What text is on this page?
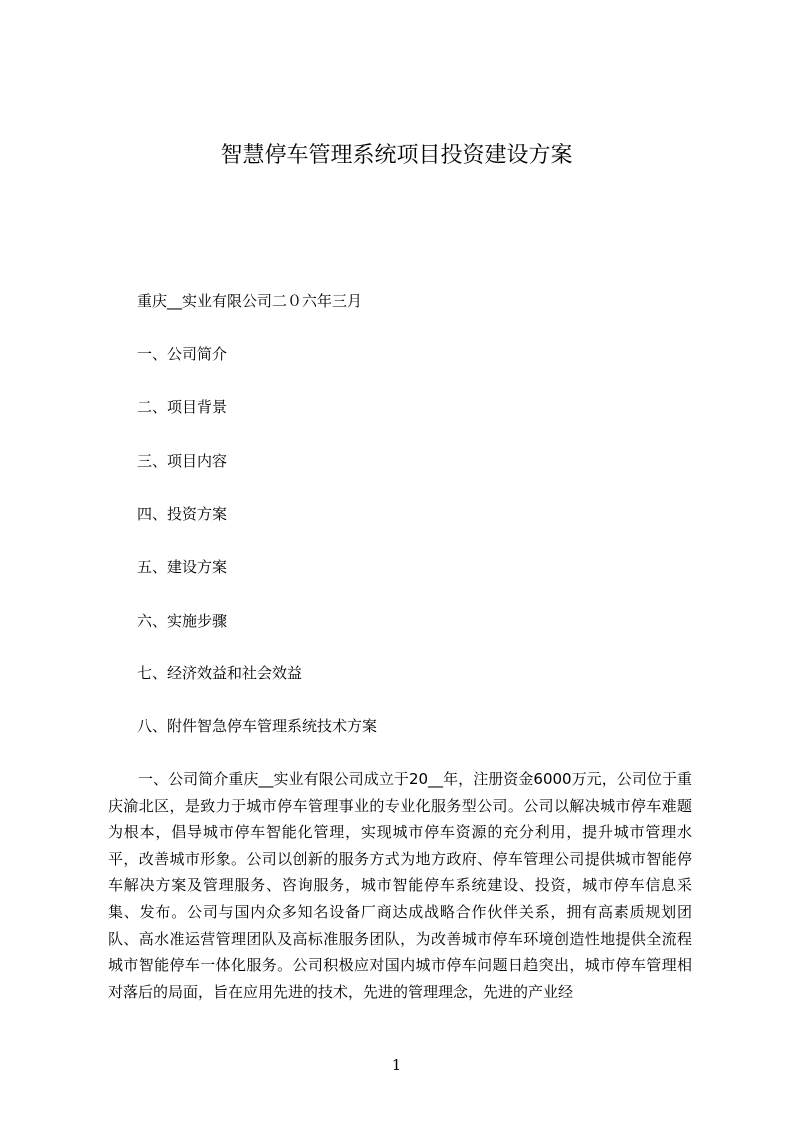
智慧停车管理系统项目投资建设方案
重庆__实业有限公司二０六年三月
一、公司简介
二、项目背景
三、项目内容
四、投资方案
五、建设方案
六、实施步骤
七、经济效益和社会效益
八、附件智急停车管理系统技术方案

一、公司简介重庆__实业有限公司成立于20__年，注册资金6000万元，公司位于重庆渝北区，是致力于城市停车管理事业的专业化服务型公司。公司以解决城市停车难题为根本，倡导城市停车智能化管理，实现城市停车资源的充分利用，提升城市管理水平，改善城市形象。公司以创新的服务方式为地方政府、停车管理公司提供城市智能停车解决方案及管理服务、咨询服务，城市智能停车系统建设、投资，城市停车信息采集、发布。公司与国内众多知名设备厂商达成战略合作伙伴关系，拥有高素质规划团队、高水准运营管理团队及高标准服务团队，为改善城市停车环境创造性地提供全流程城市智能停车一体化服务。公司积极应对国内城市停车问题日趋突出，城市停车管理相对落后的局面，旨在应用先进的技术，先进的管理理念，先进的产业经

1
